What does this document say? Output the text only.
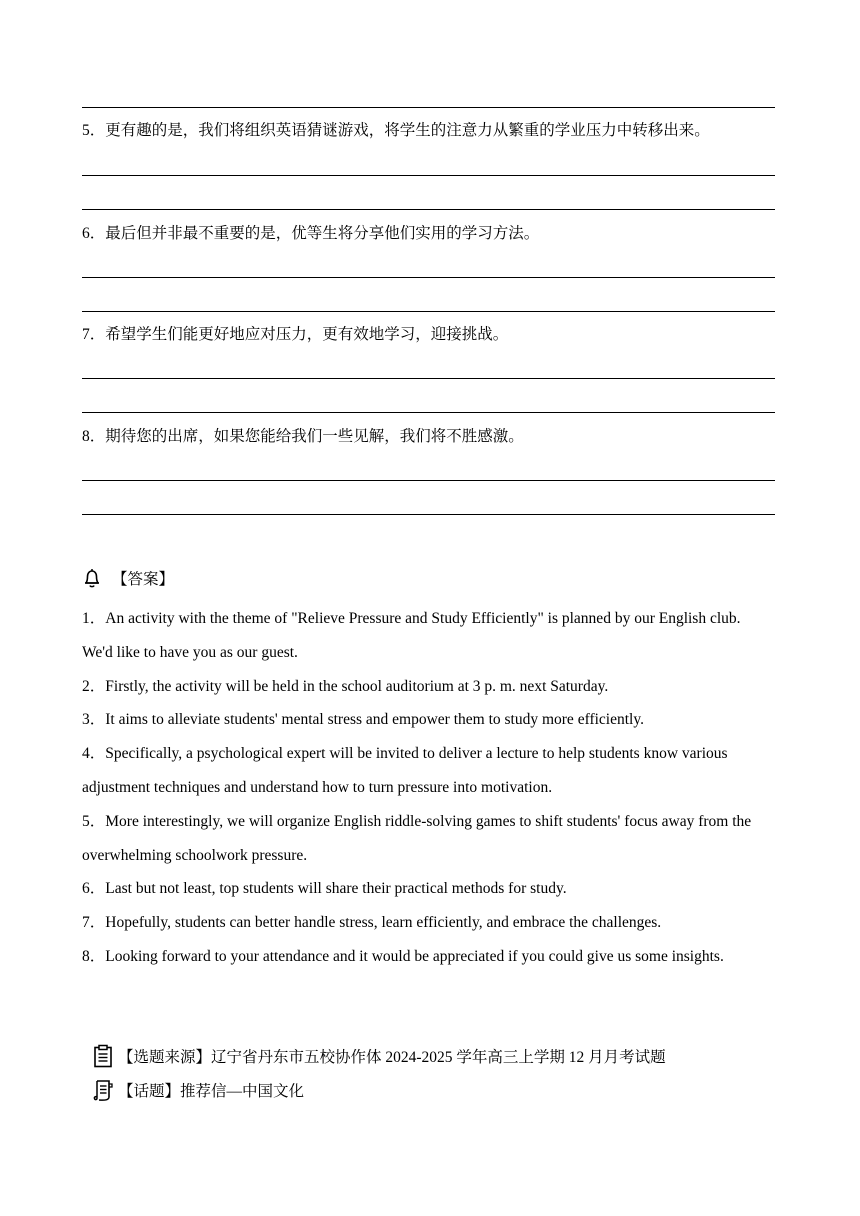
5．更有趣的是，我们将组织英语猜谜游戏，将学生的注意力从繁重的学业压力中转移出来。
6．最后但并非最不重要的是，优等生将分享他们实用的学习方法。
7．希望学生们能更好地应对压力，更有效地学习，迎接挑战。
8．期待您的出席，如果您能给我们一些见解，我们将不胜感激。
【答案】

1．An activity with the theme of "Relieve Pressure and Study Efficiently" is planned by our English club. We'd like to have you as our guest.

2．Firstly, the activity will be held in the school auditorium at 3 p. m. next Saturday.

3．It aims to alleviate students' mental stress and empower them to study more efficiently.

4．Specifically, a psychological expert will be invited to deliver a lecture to help students know various adjustment techniques and understand how to turn pressure into motivation.

5．More interestingly, we will organize English riddle-solving games to shift students' focus away from the overwhelming schoolwork pressure.

6．Last but not least, top students will share their practical methods for study.

7．Hopefully, students can better handle stress, learn efficiently, and embrace the challenges.

8．Looking forward to your attendance and it would be appreciated if you could give us some insights.

【选题来源】 辽宁省丹东市五校协作体 2024-2025 学年高三上学期 12 月月考试题
【话题】 推荐信—中国文化
